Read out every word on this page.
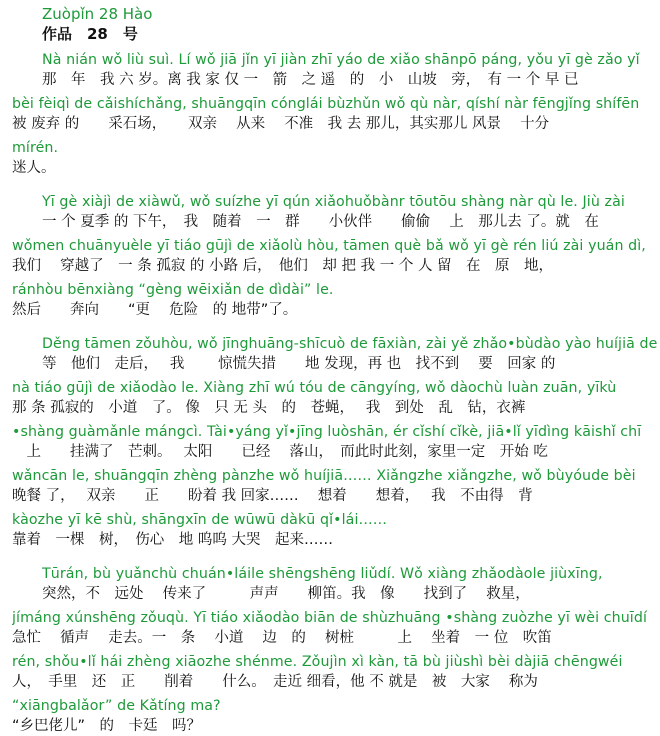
Zuòpǐn 28 Hào
作品　28　号
Nà nián wǒ liù suì. Lí wǒ jiā jǐn yī jiàn zhī yáo de xiǎo shānpō páng, yǒu yī gè zǎo yǐ
那　年　我 六 岁。离 我 家 仅 一　箭　之 遥　的　小　山坡　旁，　有 一 个 早 已
bèi fèiqì de cǎishíchǎng, shuāngqīn cónglái bùzhǔn wǒ qù nàr, qíshí nàr fēngjǐng shífēn
被 废弃 的　　采石场，　　双亲　 从来　 不准　我 去 那儿，其实那儿 风景　 十分
mírén.
迷人。
Yī gè xiàjì de xiàwǔ, wǒ suízhe yī qún xiǎohuǒbànr tōutōu shàng nàr qù le. Jiù zài
一 个 夏季 的 下午，　我　随着　一　群　　小伙伴　　偷偷　 上　那儿去 了。就　在
wǒmen chuānyuèle yī tiáo gūjì de xiǎolù hòu, tāmen què bǎ wǒ yī gè rén liú zài yuán dì,
我们　 穿越了　一 条 孤寂 的 小路 后，　他们　却 把 我 一 个 人 留　在　原　地，
ránhòu bēnxiàng “gèng wēixiǎn de dìdài” le.
然后　　奔向　　“更　 危险　的 地带”了。
Děng tāmen zǒuhòu, wǒ jīnghuāng-shīcuò de fāxiàn, zài yě zhǎo•bùdào yào huíjiā de
等　他们　走后，　 我　　 惊慌失措　　地 发现，再 也　找不到　 要　回家 的
nà tiáo gūjì de xiǎodào le. Xiàng zhī wú tóu de cāngyíng, wǒ dàochù luàn zuān, yīkù
那 条 孤寂的　小道　了。 像　只 无 头　的　苍蝇，　 我　到处　乱　钻，衣裤
•shàng guàmǎnle mángcì. Tài•yáng yǐ•jīng luòshān, ér cǐshí cǐkè, jiā•lǐ yīdìng kāishǐ chī
　上　　挂满了　芒刺。　 太阳　　已经　 落山，　而此时此刻，家里一定　开始 吃
wǎncān le, shuāngqīn zhèng pànzhe wǒ huíjiā…… Xiǎngzhe xiǎngzhe, wǒ bùyóude bèi
晚餐 了，　 双亲　　正　　盼着 我 回家……　 想着　　想着，　 我　不由得　背
kàozhe yī kē shù, shāngxīn de wūwū dàkū qǐ•lái……
靠着　一棵　树，　伤心　地 呜呜 大哭　起来……
Tūrán, bù yuǎnchù chuán•láile shēngshēng liǔdí. Wǒ xiàng zhǎodàole jiùxīng,
突然，不　远处　 传来了　　　声声　　柳笛。我　像　　找到了　 救星，
jímáng xúnshēng zǒuqù. Yī tiáo xiǎodào biān de shùzhuāng •shàng zuòzhe yī wèi chuīdí
急忙　 循声　 走去。一　条　 小道　 边　的　 树桩　　　上　 坐着　一 位　吹笛
rén, shǒu•lǐ hái zhèng xiāozhe shénme. Zǒujìn xì kàn, tā bù jiùshì bèi dàjiā chēngwéi
人，　手里　还　正　　削着　　什么。　走近 细看，他 不 就是　被　大家　 称为
“xiāngbalǎor” de Kǎtíng ma?
“乡巴佬儿”　的　卡廷　吗？
